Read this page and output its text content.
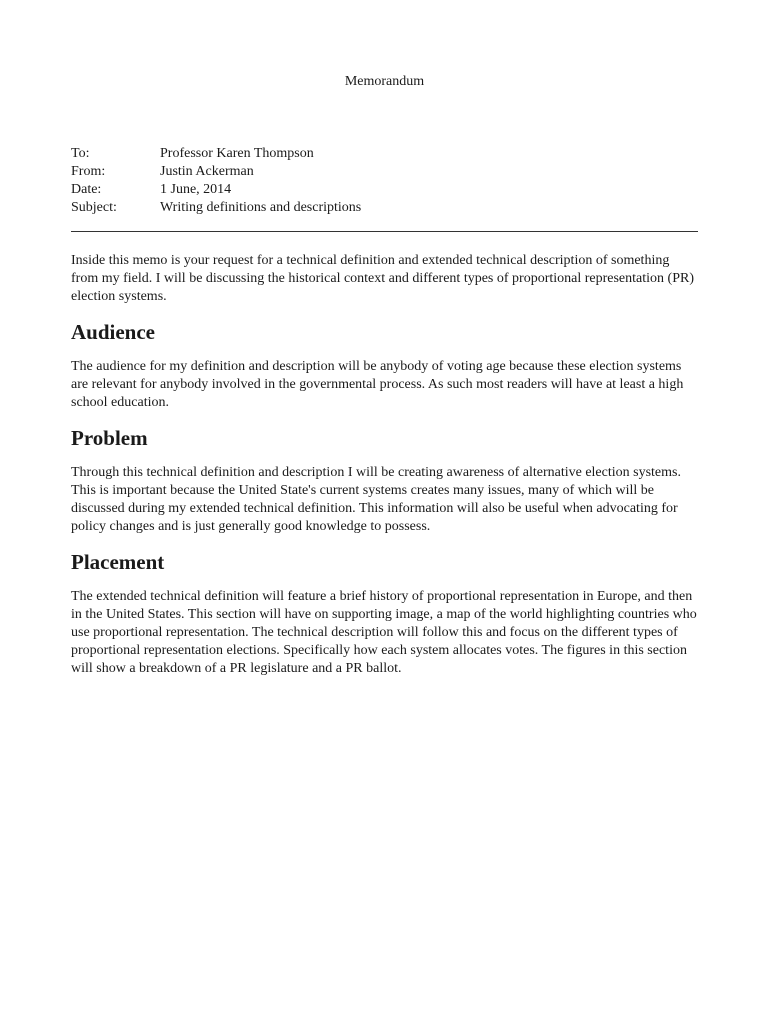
Memorandum
To:	Professor Karen Thompson
From:	Justin Ackerman
Date:	1 June, 2014
Subject:	Writing definitions and descriptions

Inside this memo is your request for a technical definition and extended technical description of something from my field. I will be discussing the historical context and different types of proportional representation (PR) election systems.

Audience

The audience for my definition and description will be anybody of voting age because these election systems are relevant for anybody involved in the governmental process. As such most readers will have at least a high school education.

Problem

Through this technical definition and description I will be creating awareness of alternative election systems. This is important because the United State's current systems creates many issues, many of which will be discussed during my extended technical definition. This information will also be useful when advocating for policy changes and is just generally good knowledge to possess.

Placement

The extended technical definition will feature a brief history of proportional representation in Europe, and then in the United States. This section will have on supporting image, a map of the world highlighting countries who use proportional representation. The technical description will follow this and focus on the different types of proportional representation elections. Specifically how each system allocates votes. The figures in this section will show a breakdown of a PR legislature and a PR ballot.
